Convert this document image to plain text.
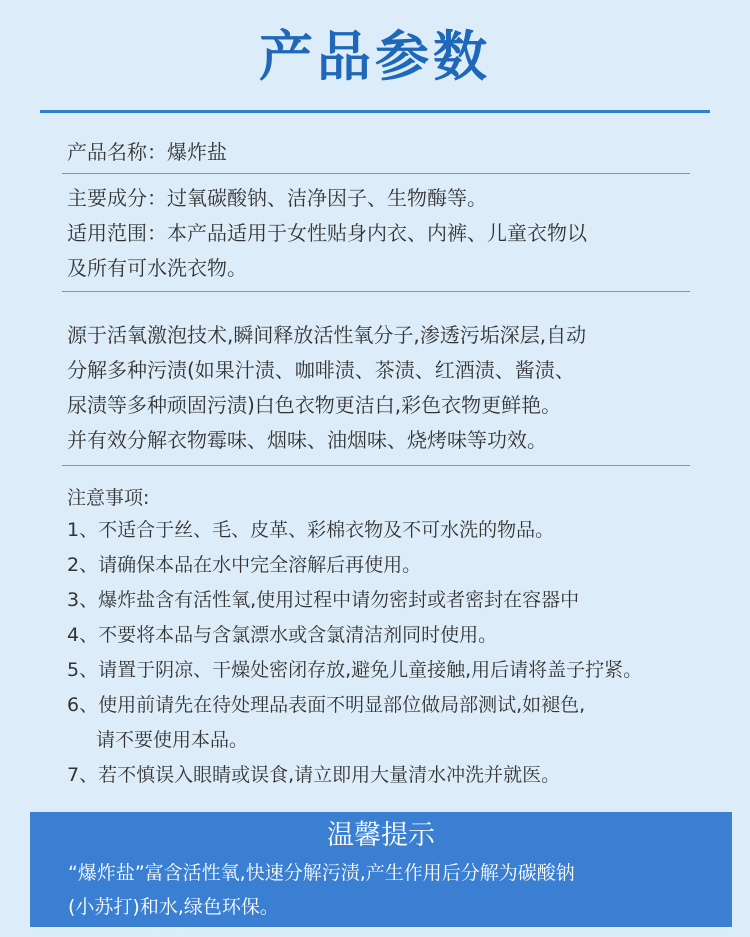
产品参数
产品名称：爆炸盐
主要成分：过氧碳酸钠、洁净因子、生物酶等。
适用范围：本产品适用于女性贴身内衣、内裤、儿童衣物以
及所有可水洗衣物。
源于活氧激泡技术,瞬间释放活性氧分子,渗透污垢深层,自动
分解多种污渍(如果汁渍、咖啡渍、茶渍、红酒渍、酱渍、
尿渍等多种顽固污渍)白色衣物更洁白,彩色衣物更鲜艳。
并有效分解衣物霉味、烟味、油烟味、烧烤味等功效。
注意事项:
1、不适合于丝、毛、皮革、彩棉衣物及不可水洗的物品。
2、请确保本品在水中完全溶解后再使用。
3、爆炸盐含有活性氧,使用过程中请勿密封或者密封在容器中
4、不要将本品与含氯漂水或含氯清洁剂同时使用。
5、请置于阴凉、干燥处密闭存放,避免儿童接触,用后请将盖子拧紧。
6、使用前请先在待处理品表面不明显部位做局部测试,如褪色,
请不要使用本品。
7、若不慎误入眼睛或误食,请立即用大量清水冲洗并就医。
温馨提示
“爆炸盐”富含活性氧,快速分解污渍,产生作用后分解为碳酸钠
(小苏打)和水,绿色环保。
